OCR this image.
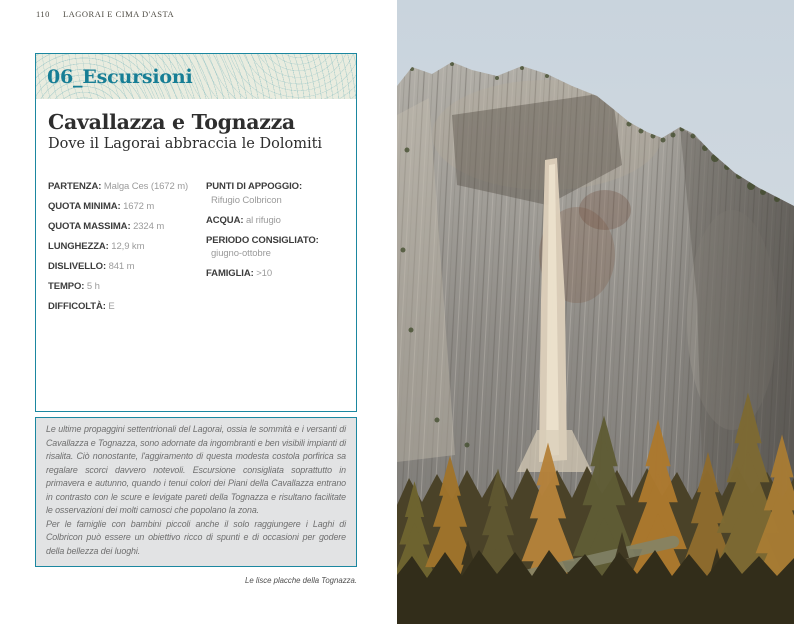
110 LAGORAI E CIMA D'ASTA
06_Escursioni
Cavallazza e Tognazza
Dove il Lagorai abbraccia le Dolomiti
PARTENZA: Malga Ces (1672 m)
QUOTA MINIMA: 1672 m
QUOTA MASSIMA: 2324 m
LUNGHEZZA: 12,9 km
DISLIVELLO: 841 m
TEMPO: 5 h
DIFFICOLTÀ: E
PUNTI DI APPOGGIO:
Rifugio Colbricon
ACQUA: al rifugio
PERIODO CONSIGLIATO:
giugno-ottobre
FAMIGLIA: >10

Le ultime propaggini settentrionali del Lagorai, ossia le sommità e i versanti di Cavallazza e Tognazza, sono adornate da ingombranti e ben visibili impianti di risalita. Ciò nonostante, l'aggiramento di questa modesta costola porfirica sa regalare scorci davvero notevoli. Escursione consigliata soprattutto in primavera e autunno, quando i tenui colori dei Piani della Cavallazza entrano in contrasto con le scure e levigate pareti della Tognazza e risultano facilitate le osservazioni dei molti camosci che popolano la zona.

Per le famiglie con bambini piccoli anche il solo raggiungere i Laghi di Colbricon può essere un obiettivo ricco di spunti e di occasioni per godere della bellezza dei luoghi.

Le lisce placche della Tognazza.
